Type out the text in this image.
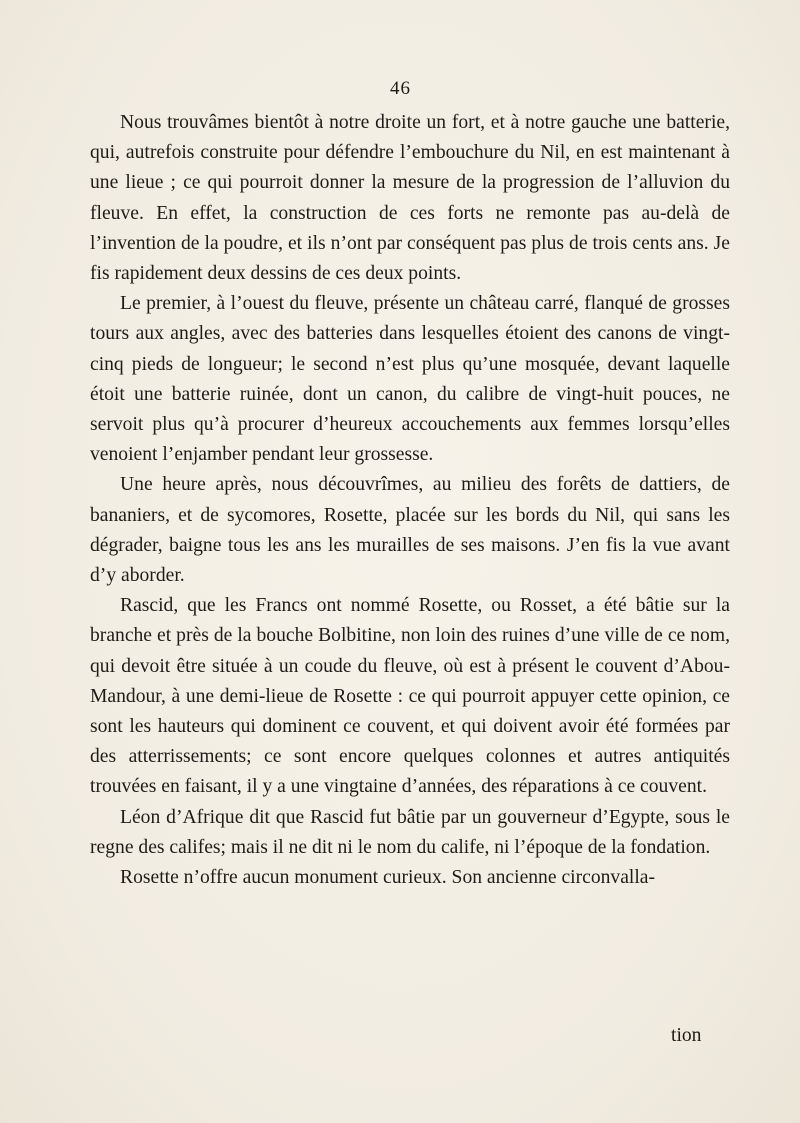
46

Nous trouvâmes bientôt à notre droite un fort, et à notre gauche une batterie, qui, autrefois construite pour défendre l’embouchure du Nil, en est maintenant à une lieue ; ce qui pourroit donner la mesure de la progression de l’alluvion du fleuve. En effet, la construction de ces forts ne remonte pas au-delà de l’invention de la poudre, et ils n’ont par conséquent pas plus de trois cents ans. Je fis rapidement deux dessins de ces deux points.

Le premier, à l’ouest du fleuve, présente un château carré, flanqué de grosses tours aux angles, avec des batteries dans lesquelles étoient des canons de vingt-cinq pieds de longueur; le second n’est plus qu’une mosquée, devant laquelle étoit une batterie ruinée, dont un canon, du calibre de vingt-huit pouces, ne servoit plus qu’à procurer d’heureux accouchements aux femmes lorsqu’elles venoient l’enjamber pendant leur grossesse.

Une heure après, nous découvrîmes, au milieu des forêts de dattiers, de bananiers, et de sycomores, Rosette, placée sur les bords du Nil, qui sans les dégrader, baigne tous les ans les murailles de ses maisons. J’en fis la vue avant d’y aborder.

Rascid, que les Francs ont nommé Rosette, ou Rosset, a été bâtie sur la branche et près de la bouche Bolbitine, non loin des ruines d’une ville de ce nom, qui devoit être située à un coude du fleuve, où est à présent le couvent d’Abou-Mandour, à une demi-lieue de Rosette : ce qui pourroit appuyer cette opinion, ce sont les hauteurs qui dominent ce couvent, et qui doivent avoir été formées par des atterrissements; ce sont encore quelques colonnes et autres antiquités trouvées en faisant, il y a une vingtaine d’années, des réparations à ce couvent.

Léon d’Afrique dit que Rascid fut bâtie par un gouverneur d’Egypte, sous le regne des califes; mais il ne dit ni le nom du calife, ni l’époque de la fondation.

Rosette n’offre aucun monument curieux. Son ancienne circonvalla-

tion
